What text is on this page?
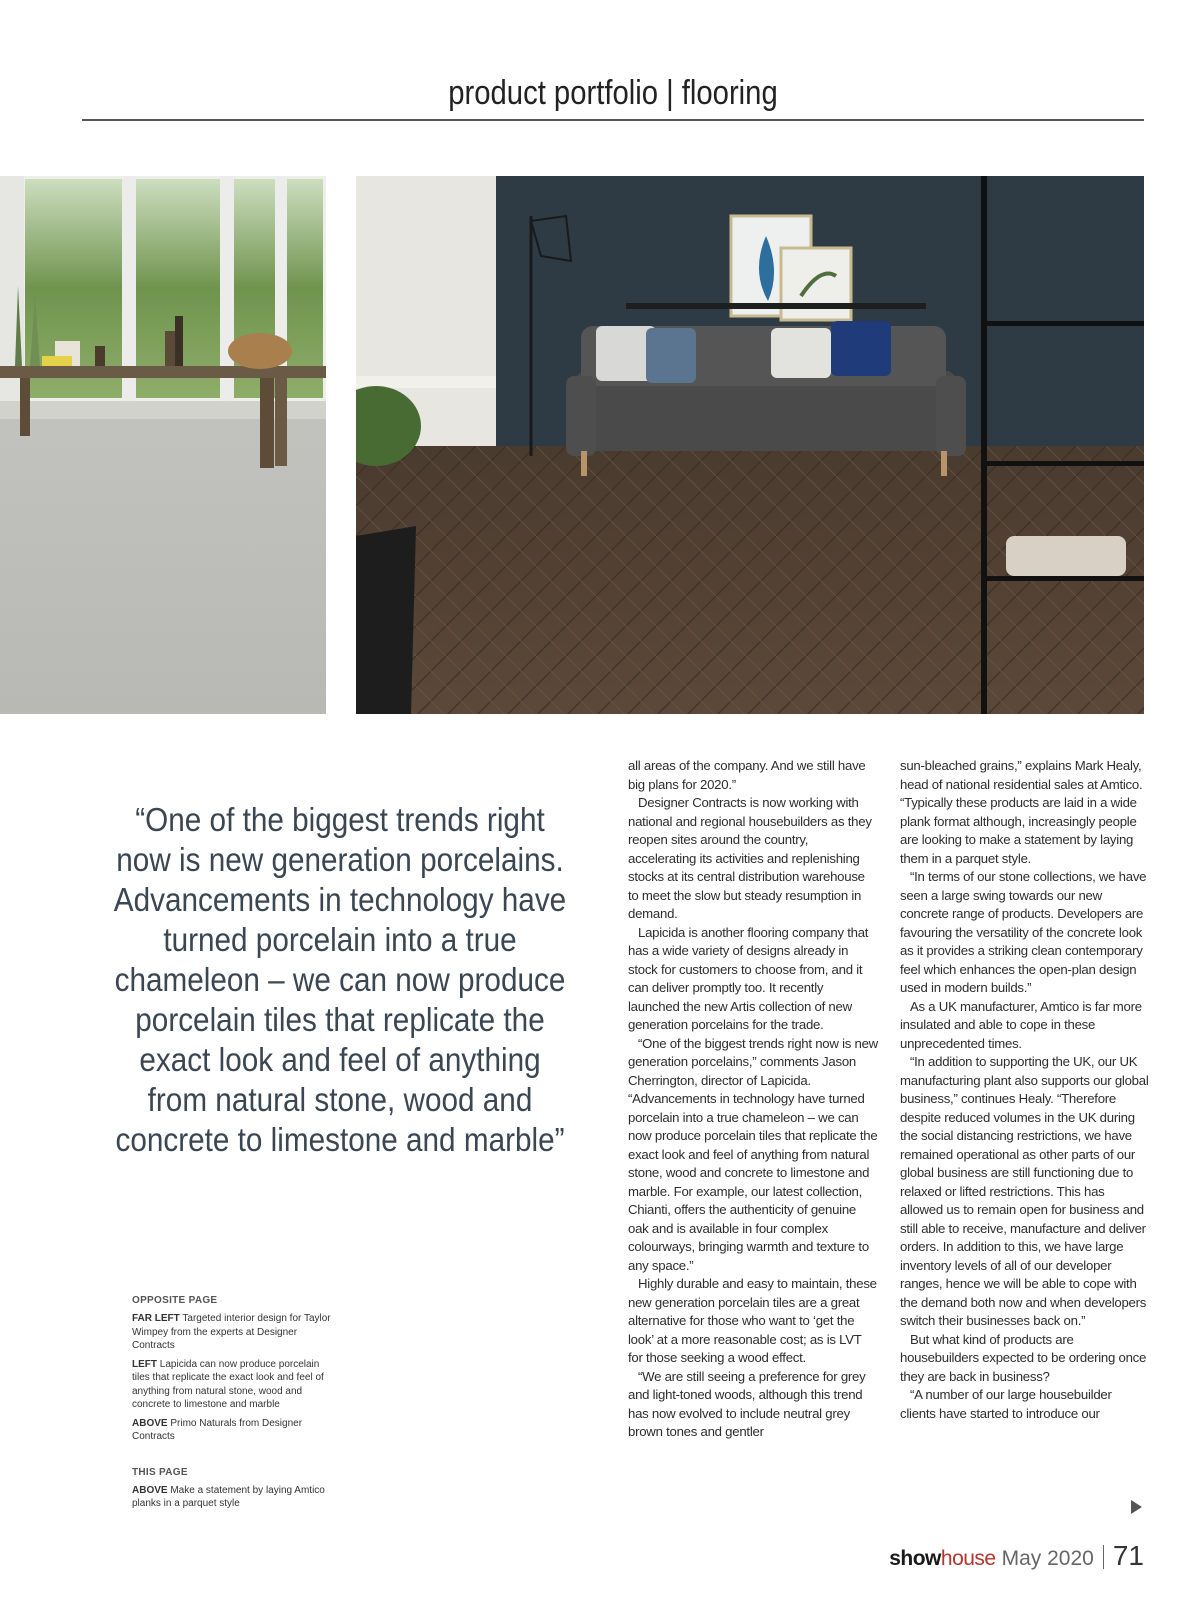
product portfolio | flooring
“One of the biggest trends right now is new generation porcelains. Advancements in technology have turned porcelain into a true chameleon – we can now produce porcelain tiles that replicate the exact look and feel of anything from natural stone, wood and concrete to limestone and marble”
OPPOSITE PAGE
FAR LEFT Targeted interior design for Taylor Wimpey from the experts at Designer Contracts
LEFT Lapicida can now produce porcelain tiles that replicate the exact look and feel of anything from natural stone, wood and concrete to limestone and marble
ABOVE Primo Naturals from Designer Contracts
THIS PAGE
ABOVE Make a statement by laying Amtico planks in a parquet style

all areas of the company. And we still have big plans for 2020.”

Designer Contracts is now working with national and regional housebuilders as they reopen sites around the country, accelerating its activities and replenishing stocks at its central distribution warehouse to meet the slow but steady resumption in demand.

Lapicida is another flooring company that has a wide variety of designs already in stock for customers to choose from, and it can deliver promptly too. It recently launched the new Artis collection of new generation porcelains for the trade.

“One of the biggest trends right now is new generation porcelains,” comments Jason Cherrington, director of Lapicida. “Advancements in technology have turned porcelain into a true chameleon – we can now produce porcelain tiles that replicate the exact look and feel of anything from natural stone, wood and concrete to limestone and marble. For example, our latest collection, Chianti, offers the authenticity of genuine oak and is available in four complex colourways, bringing warmth and texture to any space.”

Highly durable and easy to maintain, these new generation porcelain tiles are a great alternative for those who want to ‘get the look’ at a more reasonable cost; as is LVT for those seeking a wood effect.

“We are still seeing a preference for grey and light-toned woods, although this trend has now evolved to include neutral grey brown tones and gentler

sun-bleached grains,” explains Mark Healy, head of national residential sales at Amtico. “Typically these products are laid in a wide plank format although, increasingly people are looking to make a statement by laying them in a parquet style.

“In terms of our stone collections, we have seen a large swing towards our new concrete range of products. Developers are favouring the versatility of the concrete look as it provides a striking clean contemporary feel which enhances the open-plan design used in modern builds.”

As a UK manufacturer, Amtico is far more insulated and able to cope in these unprecedented times.

“In addition to supporting the UK, our UK manufacturing plant also supports our global business,” continues Healy. “Therefore despite reduced volumes in the UK during the social distancing restrictions, we have remained operational as other parts of our global business are still functioning due to relaxed or lifted restrictions. This has allowed us to remain open for business and still able to receive, manufacture and deliver orders. In addition to this, we have large inventory levels of all of our developer ranges, hence we will be able to cope with the demand both now and when developers switch their businesses back on.”

But what kind of products are housebuilders expected to be ordering once they are back in business?

“A number of our large housebuilder clients have started to introduce our

showhouse May 2020 71
